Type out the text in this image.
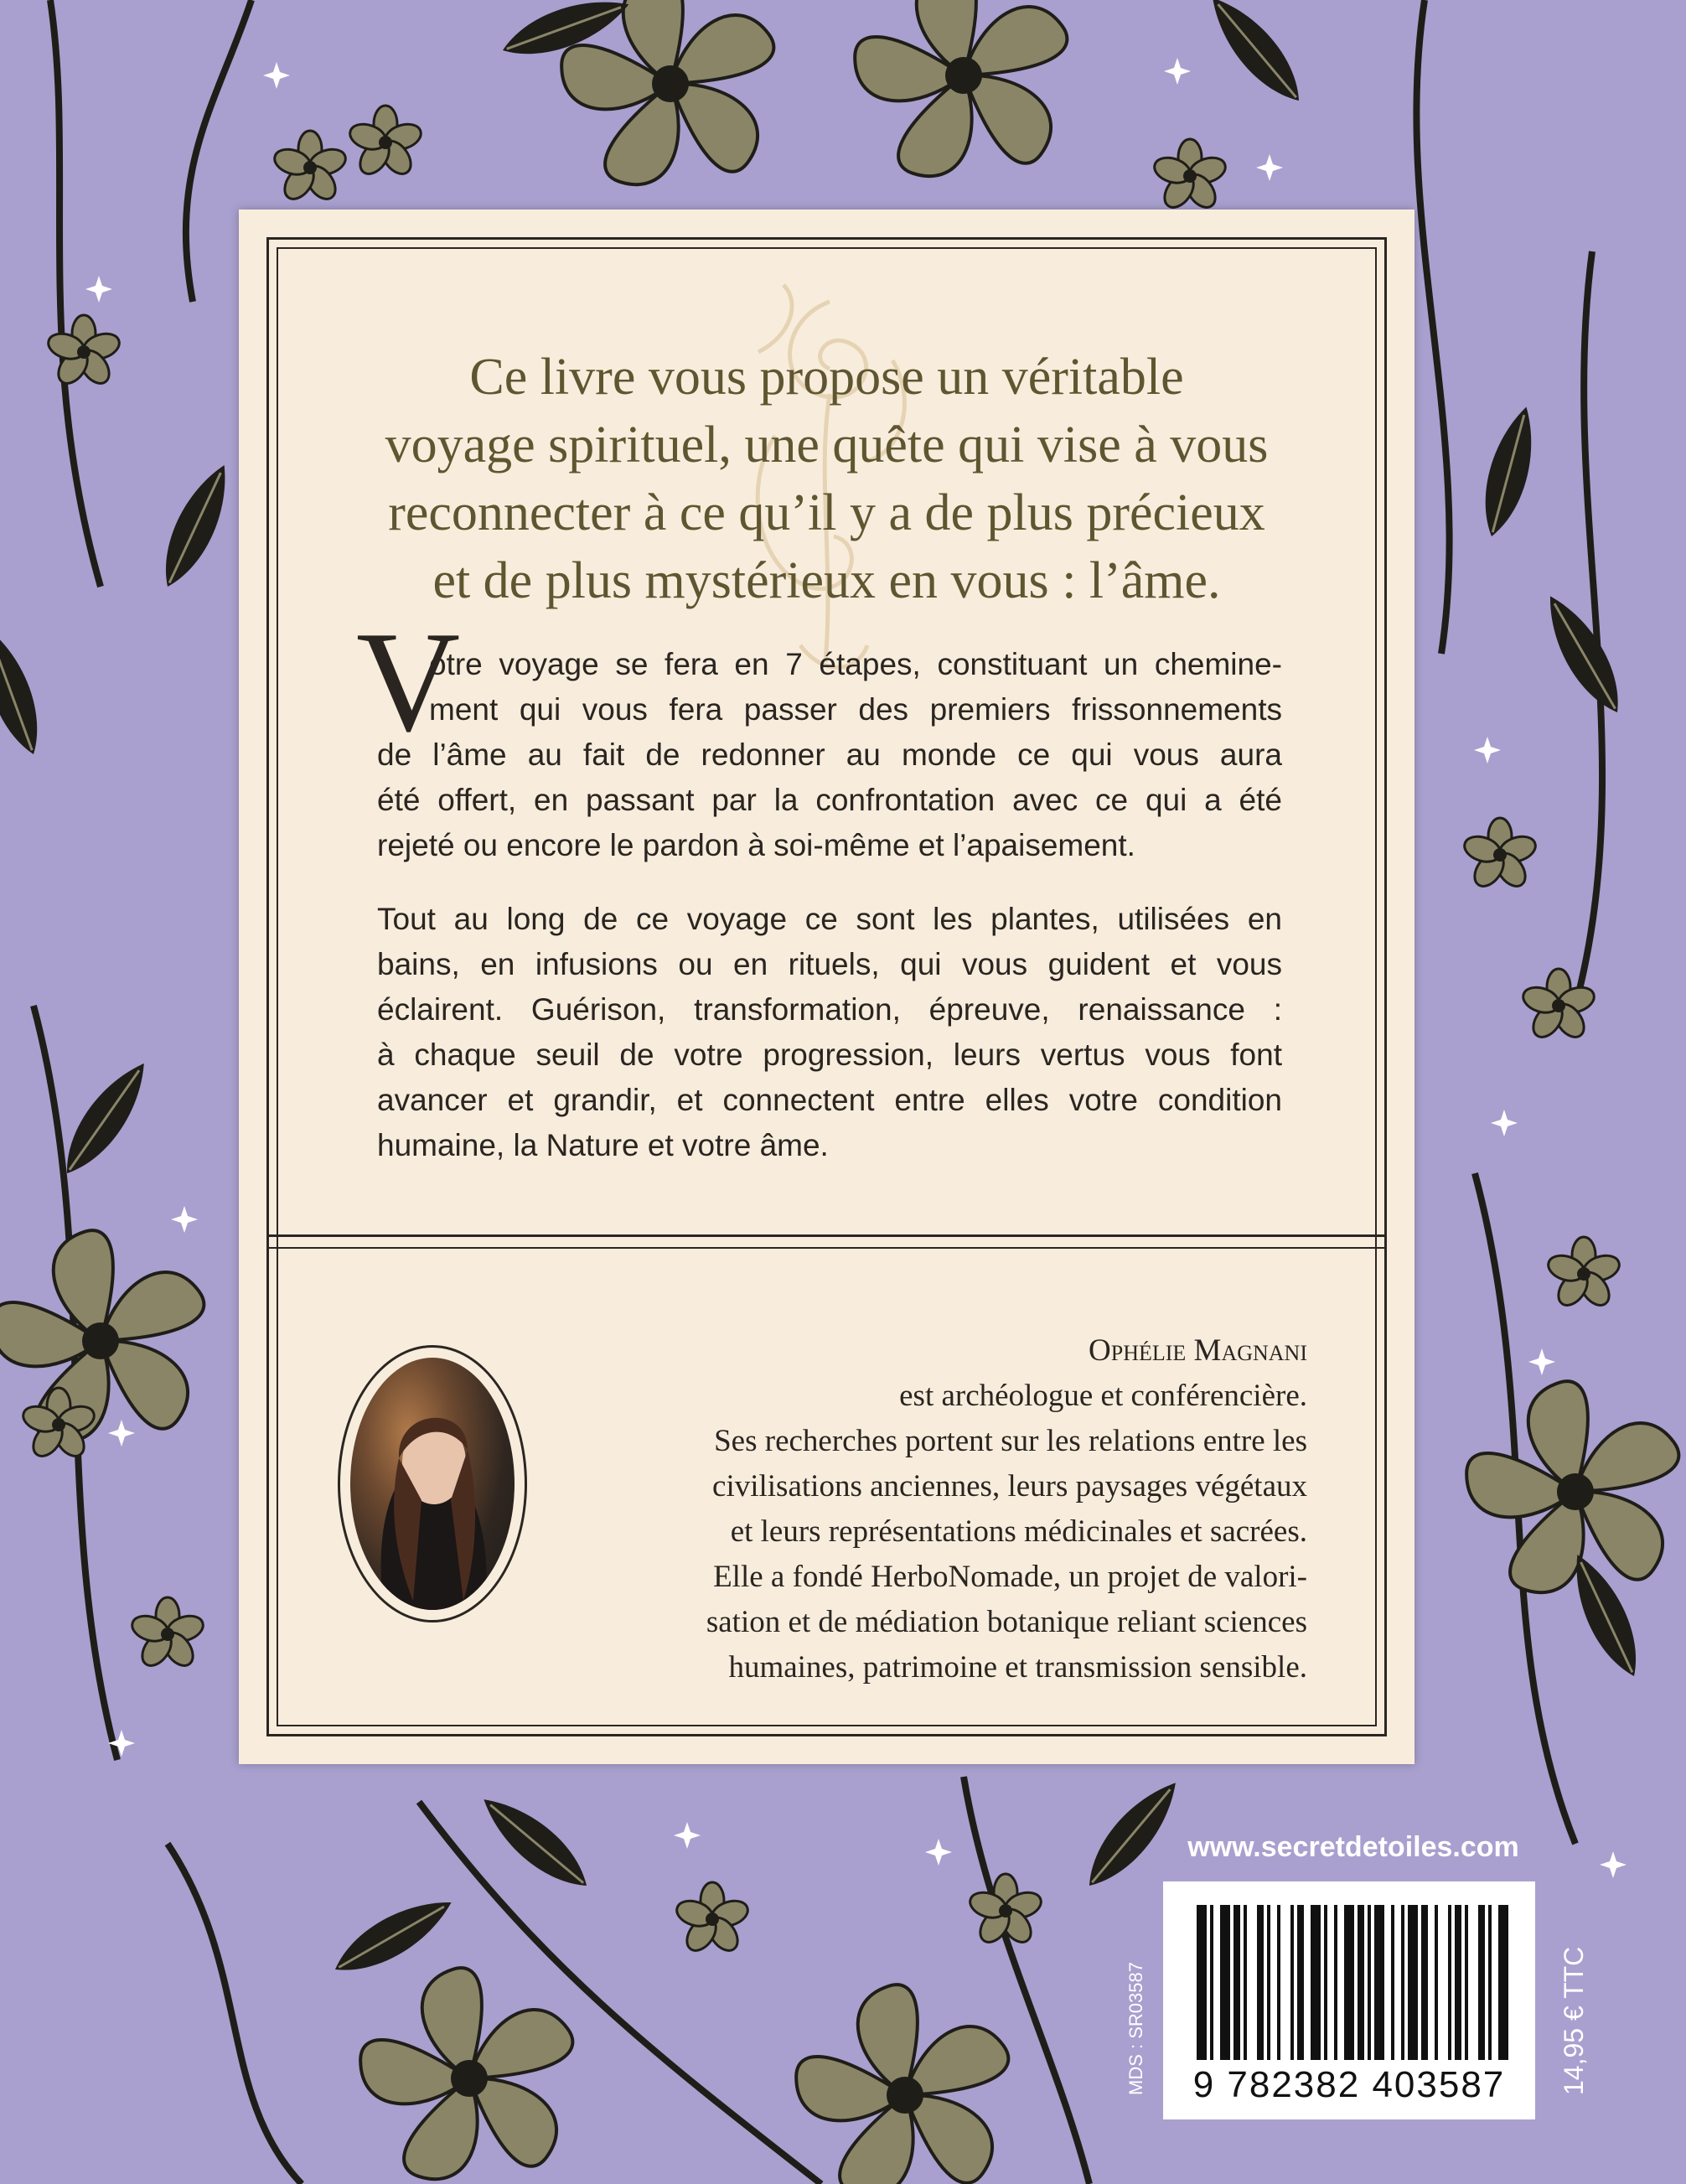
Ce livre vous propose un véritable
voyage spirituel, une quête qui vise à vous
reconnecter à ce qu’il y a de plus précieux
et de plus mystérieux en vous : l’âme.
V
otre voyage se fera en 7 étapes, constituant un chemine-
ment qui vous fera passer des premiers frissonnements
de l’âme au fait de redonner au monde ce qui vous aura
été offert, en passant par la confrontation avec ce qui a été
rejeté ou encore le pardon à soi-même et l’apaisement.
Tout au long de ce voyage ce sont les plantes, utilisées en
bains, en infusions ou en rituels, qui vous guident et vous
éclairent. Guérison, transformation, épreuve, renaissance :
à chaque seuil de votre progression, leurs vertus vous font
avancer et grandir, et connectent entre elles votre condition
humaine, la Nature et votre âme.
Ophélie Magnani
est archéologue et conférencière.
Ses recherches portent sur les relations entre les
civilisations anciennes, leurs paysages végétaux
et leurs représentations médicinales et sacrées.
Elle a fondé HerboNomade, un projet de valori-
sation et de médiation botanique reliant sciences
humaines, patrimoine et transmission sensible.
www.secretdetoiles.com
9 782382 403587
MDS : SR03587	14,95 € TTC
